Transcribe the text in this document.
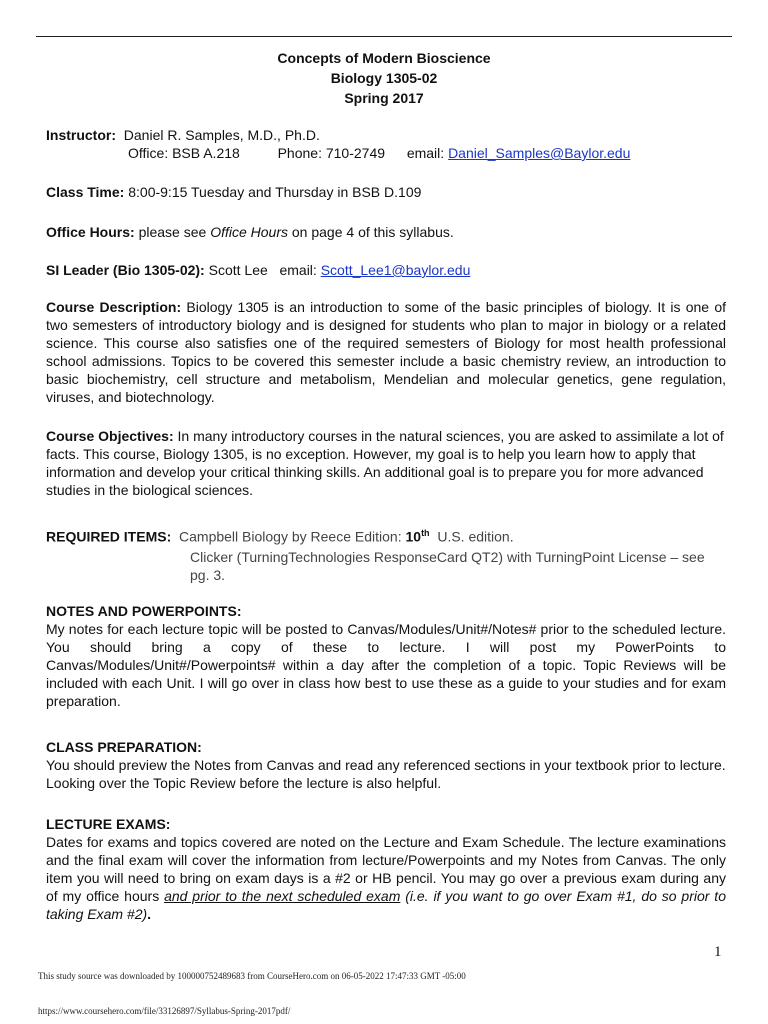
Concepts of Modern Bioscience
Biology 1305-02
Spring 2017
Instructor: Daniel R. Samples, M.D., Ph.D.
Office: BSB A.218	Phone: 710-2749 email: Daniel_Samples@Baylor.edu
Class Time: 8:00-9:15 Tuesday and Thursday in BSB D.109
Office Hours: please see Office Hours on page 4 of this syllabus.
SI Leader (Bio 1305-02): Scott Lee email: Scott_Lee1@baylor.edu
Course Description: Biology 1305 is an introduction to some of the basic principles of biology. It is one of two semesters of introductory biology and is designed for students who plan to major in biology or a related science. This course also satisfies one of the required semesters of Biology for most health professional school admissions. Topics to be covered this semester include a basic chemistry review, an introduction to basic biochemistry, cell structure and metabolism, Mendelian and molecular genetics, gene regulation, viruses, and biotechnology.
Course Objectives: In many introductory courses in the natural sciences, you are asked to assimilate a lot of facts. This course, Biology 1305, is no exception. However, my goal is to help you learn how to apply that information and develop your critical thinking skills. An additional goal is to prepare you for more advanced studies in the biological sciences.
REQUIRED ITEMS: Campbell Biology by Reece Edition: 10th U.S. edition.
Clicker (TurningTechnologies ResponseCard QT2) with TurningPoint License – see pg. 3.
NOTES AND POWERPOINTS:
My notes for each lecture topic will be posted to Canvas/Modules/Unit#/Notes# prior to the scheduled lecture. You should bring a copy of these to lecture. I will post my PowerPoints to Canvas/Modules/Unit#/Powerpoints# within a day after the completion of a topic. Topic Reviews will be included with each Unit. I will go over in class how best to use these as a guide to your studies and for exam preparation.
CLASS PREPARATION:
You should preview the Notes from Canvas and read any referenced sections in your textbook prior to lecture. Looking over the Topic Review before the lecture is also helpful.
LECTURE EXAMS:
Dates for exams and topics covered are noted on the Lecture and Exam Schedule. The lecture examinations and the final exam will cover the information from lecture/Powerpoints and my Notes from Canvas. The only item you will need to bring on exam days is a #2 or HB pencil. You may go over a previous exam during any of my office hours and prior to the next scheduled exam (i.e. if you want to go over Exam #1, do so prior to taking Exam #2).
1
This study source was downloaded by 100000752489683 from CourseHero.com on 06-05-2022 17:47:33 GMT -05:00
https://www.coursehero.com/file/33126897/Syllabus-Spring-2017pdf/
